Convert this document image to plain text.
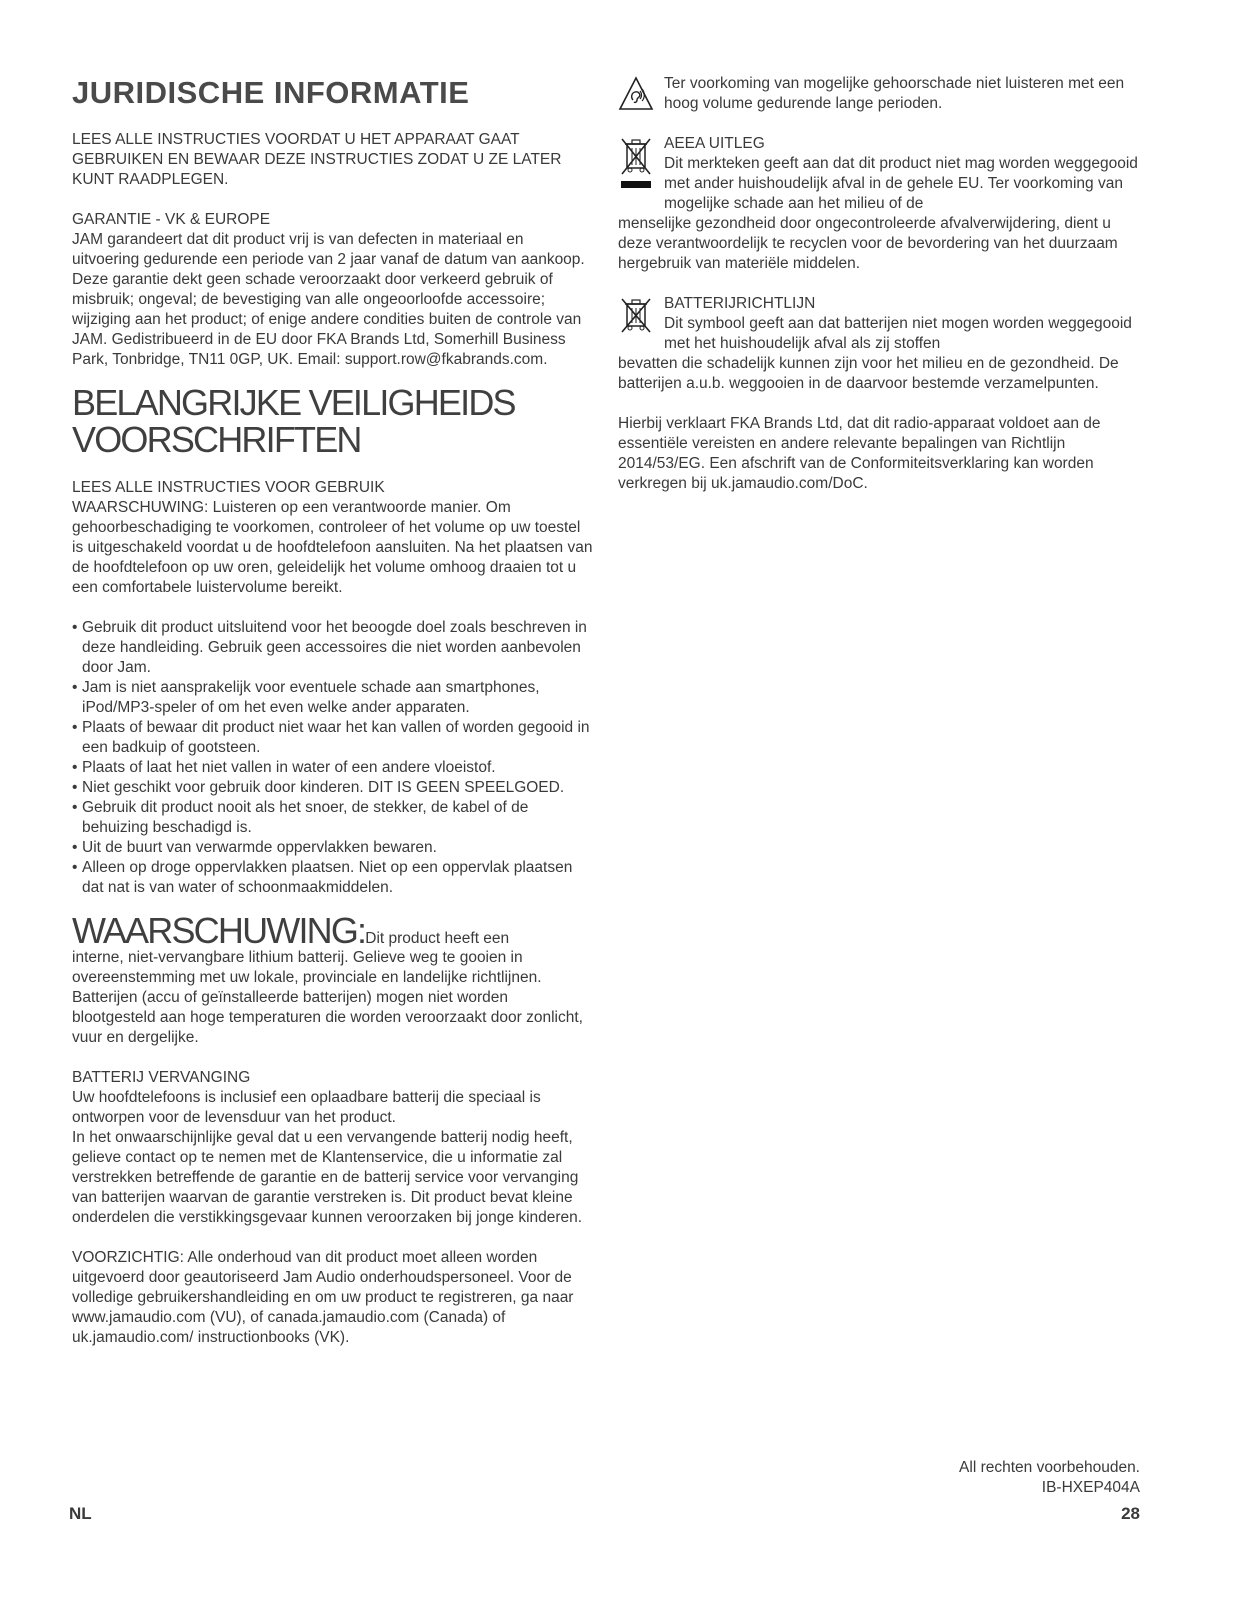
JURIDISCHE INFORMATIE

LEES ALLE INSTRUCTIES VOORDAT U HET APPARAAT GAAT GEBRUIKEN EN BEWAAR DEZE INSTRUCTIES ZODAT U ZE LATER KUNT RAADPLEGEN.

GARANTIE - VK & EUROPE

JAM garandeert dat dit product vrij is van defecten in materiaal en uitvoering gedurende een periode van 2 jaar vanaf de datum van aankoop. Deze garantie dekt geen schade veroorzaakt door verkeerd gebruik of misbruik; ongeval; de bevestiging van alle ongeoorloofde accessoire; wijziging aan het product; of enige andere condities buiten de controle van JAM. Gedistribueerd in de EU door FKA Brands Ltd, Somerhill Business Park, Tonbridge, TN11 0GP, UK. Email: support.row@fkabrands.com.

BELANGRIJKE VEILIGHEIDS
VOORSCHRIFTEN
LEES ALLE INSTRUCTIES VOOR GEBRUIK

WAARSCHUWING: Luisteren op een verantwoorde manier. Om gehoorbeschadiging te voorkomen, controleer of het volume op uw toestel is uitgeschakeld voordat u de hoofdtelefoon aansluiten. Na het plaatsen van de hoofdtelefoon op uw oren, geleidelijk het volume omhoog draaien tot u een comfortabele luistervolume bereikt.

• Gebruik dit product uitsluitend voor het beoogde doel zoals beschreven in deze handleiding. Gebruik geen accessoires die niet worden aanbevolen door Jam.
• Jam is niet aansprakelijk voor eventuele schade aan smartphones, iPod/MP3-speler of om het even welke ander apparaten.
• Plaats of bewaar dit product niet waar het kan vallen of worden gegooid in een badkuip of gootsteen.
• Plaats of laat het niet vallen in water of een andere vloeistof.
• Niet geschikt voor gebruik door kinderen. DIT IS GEEN SPEELGOED.
• Gebruik dit product nooit als het snoer, de stekker, de kabel of de behuizing beschadigd is.
• Uit de buurt van verwarmde oppervlakken bewaren.
• Alleen op droge oppervlakken plaatsen. Niet op een oppervlak plaatsen dat nat is van water of schoonmaakmiddelen.
WAARSCHUWING:Dit product heeft een

interne, niet-vervangbare lithium batterij. Gelieve weg te gooien in overeenstemming met uw lokale, provinciale en landelijke richtlijnen. Batterijen (accu of geïnstalleerde batterijen) mogen niet worden blootgesteld aan hoge temperaturen die worden veroorzaakt door zonlicht, vuur en dergelijke.

BATTERIJ VERVANGING

Uw hoofdtelefoons is inclusief een oplaadbare batterij die speciaal is ontworpen voor de levensduur van het product.

In het onwaarschijnlijke geval dat u een vervangende batterij nodig heeft, gelieve contact op te nemen met de Klantenservice, die u informatie zal verstrekken betreffende de garantie en de batterij service voor vervanging van batterijen waarvan de garantie verstreken is. Dit product bevat kleine onderdelen die verstikkingsgevaar kunnen veroorzaken bij jonge kinderen.

VOORZICHTIG: Alle onderhoud van dit product moet alleen worden uitgevoerd door geautoriseerd Jam Audio onderhoudspersoneel. Voor de volledige gebruikershandleiding en om uw product te registreren, ga naar www.jamaudio.com (VU), of canada.jamaudio.com (Canada) of uk.jamaudio.com/ instructionbooks (VK).

Ter voorkoming van mogelijke gehoorschade niet luisteren met een hoog volume gedurende lange perioden.
AEEA UITLEG
Dit merkteken geeft aan dat dit product niet mag worden weggegooid met ander huishoudelijk afval in de gehele EU. Ter voorkoming van mogelijke schade aan het milieu of de
menselijke gezondheid door ongecontroleerde afvalverwijdering, dient u deze verantwoordelijk te recyclen voor de bevordering van het duurzaam hergebruik van materiële middelen.
BATTERIJRICHTLIJN
Dit symbool geeft aan dat batterijen niet mogen worden weggegooid met het huishoudelijk afval als zij stoffen
bevatten die schadelijk kunnen zijn voor het milieu en de gezondheid. De batterijen a.u.b. weggooien in de daarvoor bestemde verzamelpunten.

Hierbij verklaart FKA Brands Ltd, dat dit radio-apparaat voldoet aan de essentiële vereisten en andere relevante bepalingen van Richtlijn 2014/53/EG. Een afschrift van de Conformiteitsverklaring kan worden verkregen bij uk.jamaudio.com/DoC.

All rechten voorbehouden.
IB-HXEP404A
NL	28
